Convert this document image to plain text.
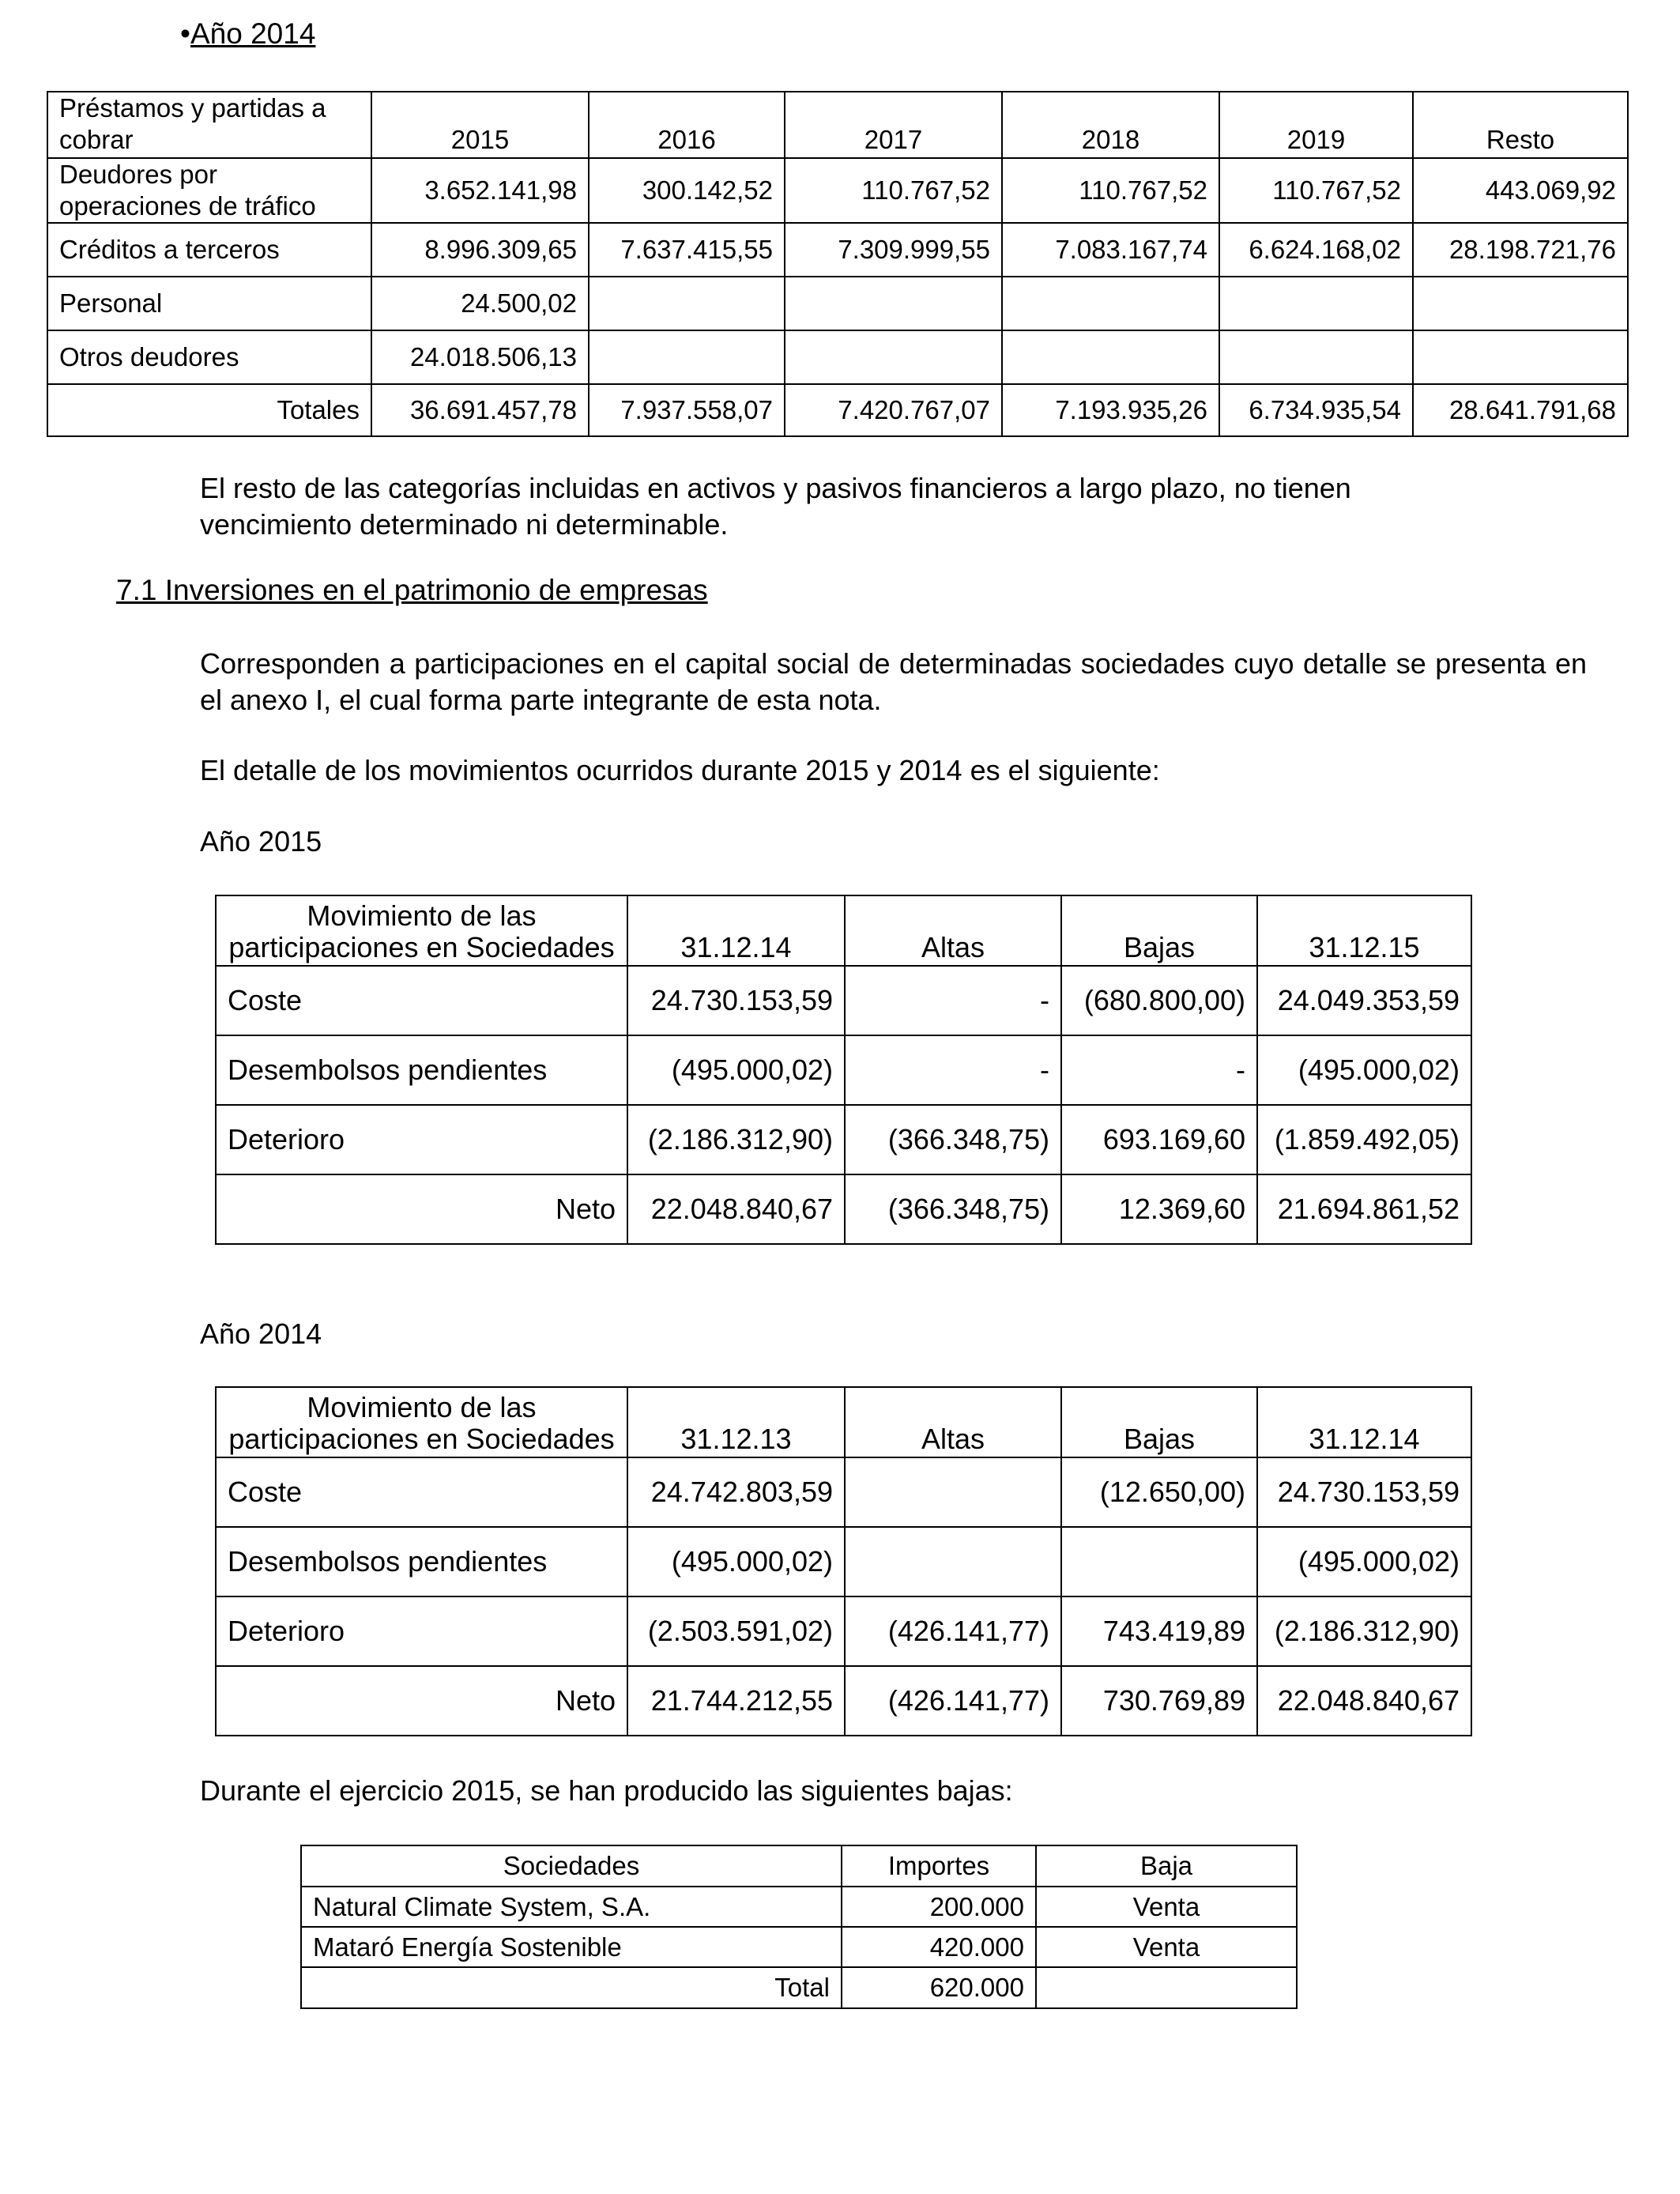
•Año 2014
Préstamos y partidas a cobrar	2015	2016	2017	2018	2019	Resto
Deudores por operaciones de tráfico	3.652.141,98	300.142,52	110.767,52	110.767,52	110.767,52	443.069,92
Créditos a terceros	8.996.309,65	7.637.415,55	7.309.999,55	7.083.167,74	6.624.168,02	28.198.721,76
Personal	24.500,02					
Otros deudores	24.018.506,13					
Totales	36.691.457,78	7.937.558,07	7.420.767,07	7.193.935,26	6.734.935,54	28.641.791,68
El resto de las categorías incluidas en activos y pasivos financieros a largo plazo, no tienen vencimiento determinado ni determinable.
7.1 Inversiones en el patrimonio de empresas
Corresponden a participaciones en el capital social de determinadas sociedades cuyo detalle se presenta en el anexo I, el cual forma parte integrante de esta nota.
El detalle de los movimientos ocurridos durante 2015 y 2014 es el siguiente:
Año 2015
Movimiento de las participaciones en Sociedades	31.12.14	Altas	Bajas	31.12.15
Coste	24.730.153,59	-	(680.800,00)	24.049.353,59
Desembolsos pendientes	(495.000,02)	-	-	(495.000,02)
Deterioro	(2.186.312,90)	(366.348,75)	693.169,60	(1.859.492,05)
Neto	22.048.840,67	(366.348,75)	12.369,60	21.694.861,52
Año 2014
Movimiento de las participaciones en Sociedades	31.12.13	Altas	Bajas	31.12.14
Coste	24.742.803,59		(12.650,00)	24.730.153,59
Desembolsos pendientes	(495.000,02)			(495.000,02)
Deterioro	(2.503.591,02)	(426.141,77)	743.419,89	(2.186.312,90)
Neto	21.744.212,55	(426.141,77)	730.769,89	22.048.840,67
Durante el ejercicio 2015, se han producido las siguientes bajas:
Sociedades	Importes	Baja
Natural Climate System, S.A.	200.000	Venta
Mataró Energía Sostenible	420.000	Venta
Total	620.000	
